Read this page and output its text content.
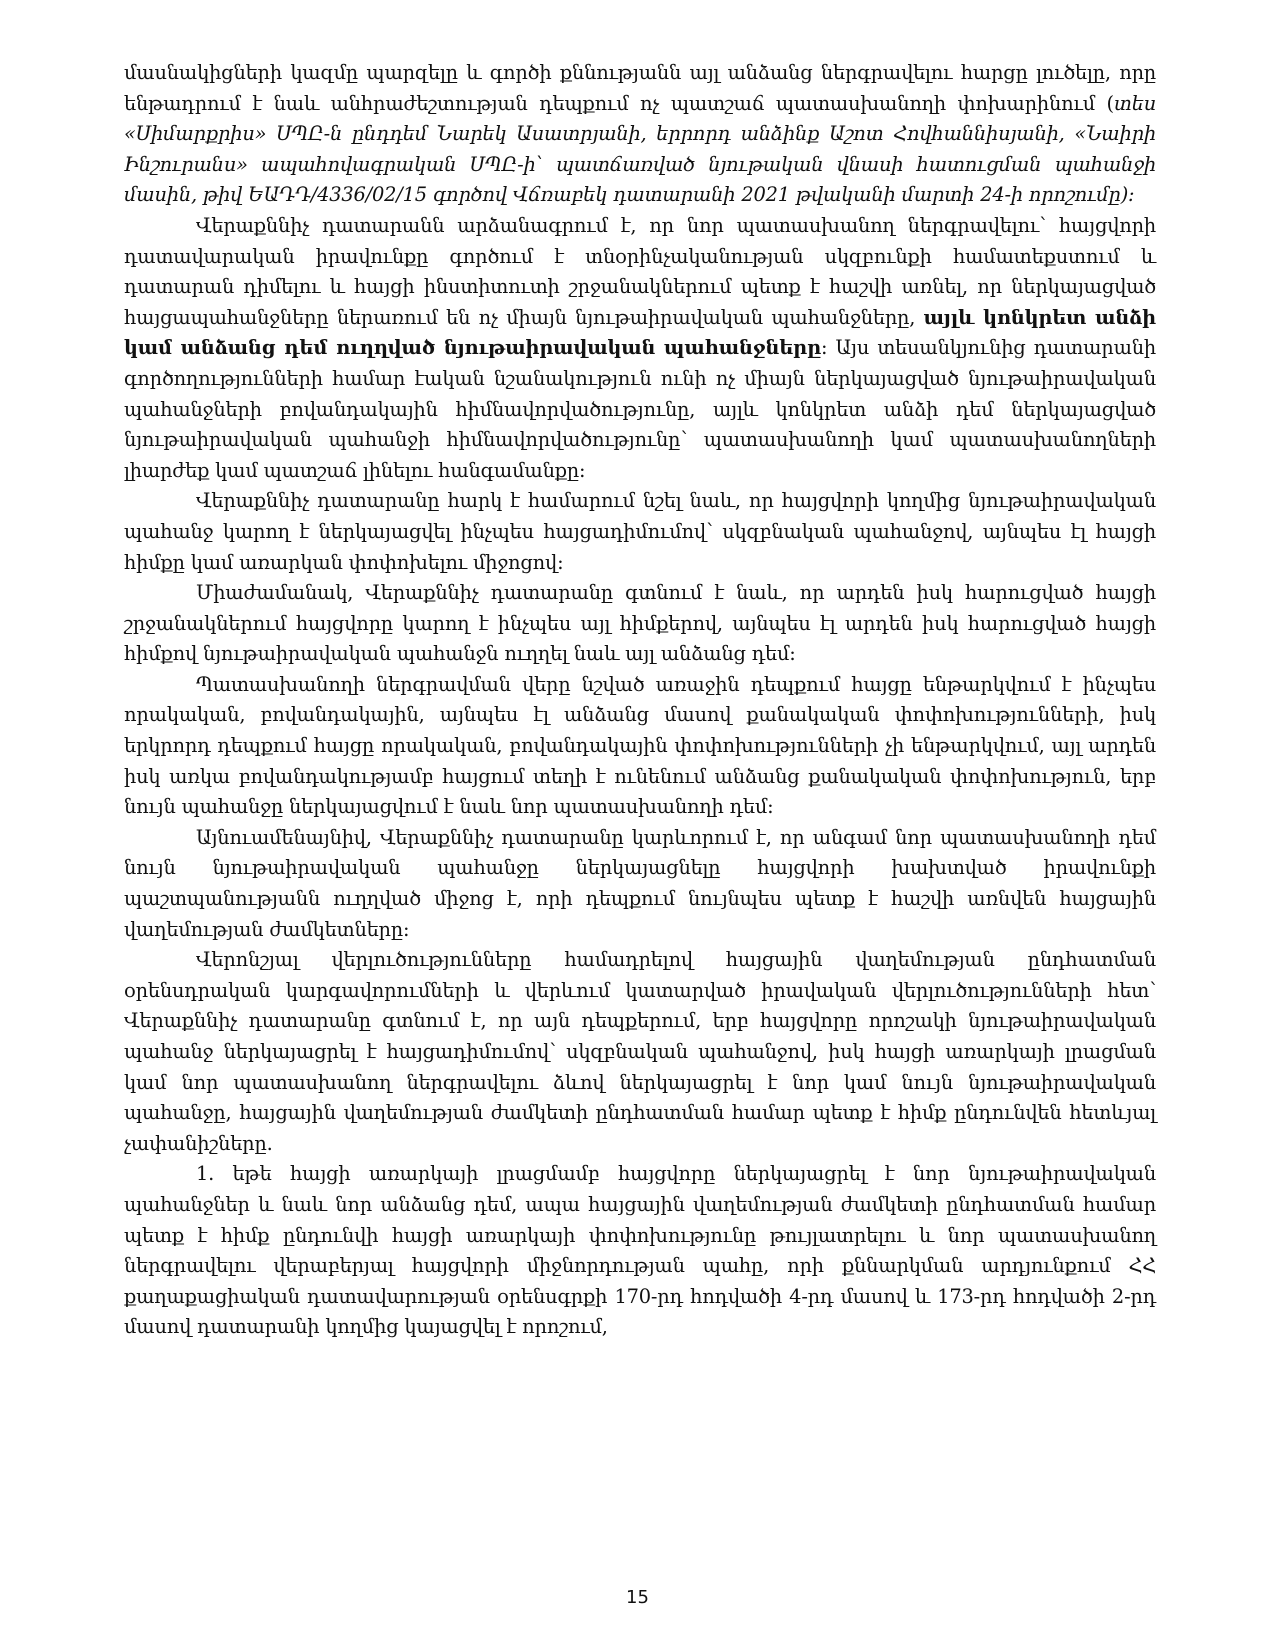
մասնակիցների կազմը պարզելը և գործի քննությանն այլ անձանց ներգրավելու հարցը լուծելը, որը ենթադրում է նաև անհրաժեշտության դեպքում ոչ պատշաճ պատասխանողի փոխարինում (տես «Սիմարքրիս» ՍՊԸ-ն ընդդեմ Նարեկ Ասատրյանի, երրորդ անձինք Աշոտ Հովհաննիսյանի, «Նաիրի Ինշուրանս» ապահովագրական ՍՊԸ-ի՝ պատճառված նյութական վնասի հատուցման պահանջի մասին, թիվ ԵԱԴԴ/4336/02/15 գործով Վճռաբեկ դատարանի 2021 թվականի մարտի 24-ի որոշումը):

Վերաքննիչ դատարանն արձանագրում է, որ նոր պատասխանող ներգրավելու՝ հայցվորի դատավարական իրավունքը գործում է տնօրինչականության սկզբունքի համատեքստում և դատարան դիմելու և հայցի ինստիտուտի շրջանակներում պետք է հաշվի առնել, որ ներկայացված հայցապահանջները ներառում են ոչ միայն նյութաիրավական պահանջները, այլև կոնկրետ անձի կամ անձանց դեմ ուղղված նյութաիրավական պահանջները: Այս տեսանկյունից դատարանի գործողությունների համար էական նշանակություն ունի ոչ միայն ներկայացված նյութաիրավական պահանջների բովանդակային հիմնավորվածությունը, այլև կոնկրետ անձի դեմ ներկայացված նյութաիրավական պահանջի հիմնավորվածությունը՝ պատասխանողի կամ պատասխանողների լիարժեք կամ պատշաճ լինելու հանգամանքը:

Վերաքննիչ դատարանը հարկ է համարում նշել նաև, որ հայցվորի կողմից նյութաիրավական պահանջ կարող է ներկայացվել ինչպես հայցադիմումով՝ սկզբնական պահանջով, այնպես էլ հայցի հիմքը կամ առարկան փոփոխելու միջոցով:

Միաժամանակ, Վերաքննիչ դատարանը գտնում է նաև, որ արդեն իսկ հարուցված հայցի շրջանակներում հայցվորը կարող է ինչպես այլ հիմքերով, այնպես էլ արդեն իսկ հարուցված հայցի հիմքով նյութաիրավական պահանջն ուղղել նաև այլ անձանց դեմ:

Պատասխանողի ներգրավման վերը նշված առաջին դեպքում հայցը ենթարկվում է ինչպես որակական, բովանդակային, այնպես էլ անձանց մասով քանակական փոփոխությունների, իսկ երկրորդ դեպքում հայցը որակական, բովանդակային փոփոխությունների չի ենթարկվում, այլ արդեն իսկ առկա բովանդակությամբ հայցում տեղի է ունենում անձանց քանակական փոփոխություն, երբ նույն պահանջը ներկայացվում է նաև նոր պատասխանողի դեմ:

Այնուամենայնիվ, Վերաքննիչ դատարանը կարևորում է, որ անգամ նոր պատասխանողի դեմ նույն նյութաիրավական պահանջը ներկայացնելը հայցվորի խախտված իրավունքի պաշտպանությանն ուղղված միջոց է, որի դեպքում նույնպես պետք է հաշվի առնվեն հայցային վաղեմության ժամկետները:

Վերոնշյալ վերլուծությունները համադրելով հայցային վաղեմության ընդհատման օրենսդրական կարգավորումների և վերևում կատարված իրավական վերլուծությունների հետ՝ Վերաքննիչ դատարանը գտնում է, որ այն դեպքերում, երբ հայցվորը որոշակի նյութաիրավական պահանջ ներկայացրել է հայցադիմումով՝ սկզբնական պահանջով, իսկ հայցի առարկայի լրացման կամ նոր պատասխանող ներգրավելու ձևով ներկայացրել է նոր կամ նույն նյութաիրավական պահանջը, հայցային վաղեմության ժամկետի ընդհատման համար պետք է հիմք ընդունվեն հետևյալ չափանիշները.

1. եթե հայցի առարկայի լրացմամբ հայցվորը ներկայացրել է նոր նյութաիրավական պահանջներ և նաև նոր անձանց դեմ, ապա հայցային վաղեմության ժամկետի ընդհատման համար պետք է հիմք ընդունվի հայցի առարկայի փոփոխությունը թույլատրելու և նոր պատասխանող ներգրավելու վերաբերյալ հայցվորի միջնորդության պահը, որի քննարկման արդյունքում ՀՀ քաղաքացիական դատավարության օրենսգրքի 170-րդ հոդվածի 4-րդ մասով և 173-րդ հոդվածի 2-րդ մասով դատարանի կողմից կայացվել է որոշում,

15
